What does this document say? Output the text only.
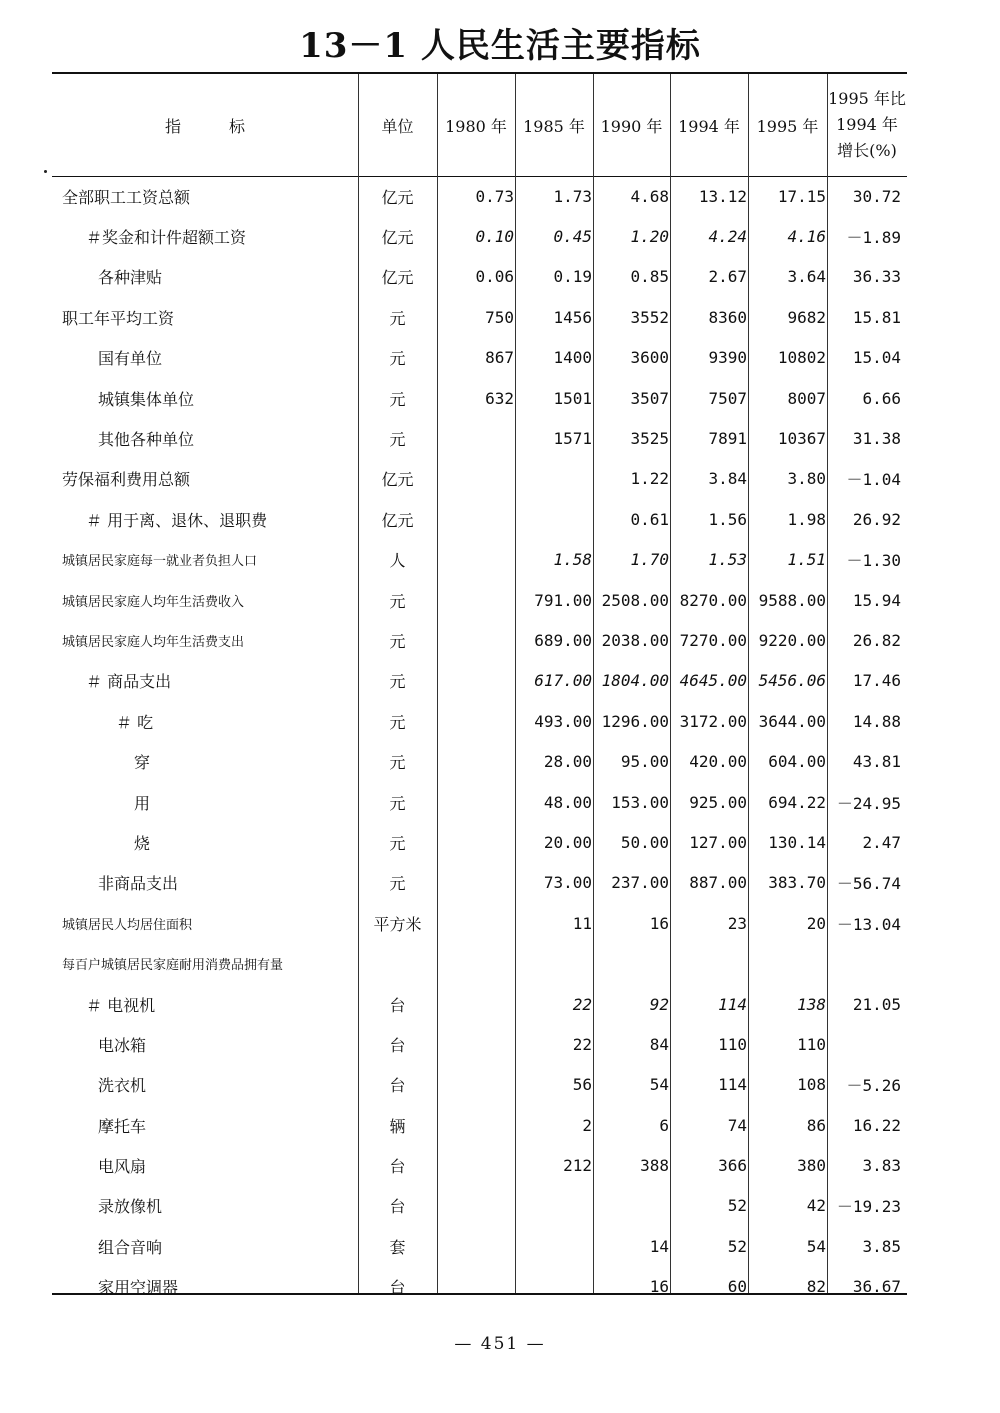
13－1 人民生活主要指标
指　　　标	单位	1980 年	1985 年	1990 年	1994 年	1995 年	1995 年比
1994 年
增长(%)

全部职工工资总额	亿元	0.73	1.73	4.68	13.12	17.15	30.72
＃奖金和计件超额工资	亿元	0.10	0.45	1.20	4.24	4.16	－1.89
各种津贴	亿元	0.06	0.19	0.85	2.67	3.64	36.33
职工年平均工资	元	750	1456	3552	8360	9682	15.81
国有单位	元	867	1400	3600	9390	10802	15.04
城镇集体单位	元	632	1501	3507	7507	8007	6.66
其他各种单位	元		1571	3525	7891	10367	31.38
劳保福利费用总额	亿元			1.22	3.84	3.80	－1.04
＃ 用于离、退休、退职费	亿元			0.61	1.56	1.98	26.92
城镇居民家庭每一就业者负担人口	人		1.58	1.70	1.53	1.51	－1.30
城镇居民家庭人均年生活费收入	元		791.00	2508.00	8270.00	9588.00	15.94
城镇居民家庭人均年生活费支出	元		689.00	2038.00	7270.00	9220.00	26.82
＃ 商品支出	元		617.00	1804.00	4645.00	5456.06	17.46
＃ 吃	元		493.00	1296.00	3172.00	3644.00	14.88
穿	元		28.00	95.00	420.00	604.00	43.81
用	元		48.00	153.00	925.00	694.22	－24.95
烧	元		20.00	50.00	127.00	130.14	2.47
非商品支出	元		73.00	237.00	887.00	383.70	－56.74
城镇居民人均居住面积	平方米		11	16	23	20	－13.04
每百户城镇居民家庭耐用消费品拥有量							
＃ 电视机	台		22	92	114	138	21.05
电冰箱	台		22	84	110	110	
洗衣机	台		56	54	114	108	－5.26
摩托车	辆		2	6	74	86	16.22
电风扇	台		212	388	366	380	3.83
录放像机	台				52	42	－19.23
组合音响	套			14	52	54	3.85
家用空调器	台			16	60	82	36.67
— 451 —
